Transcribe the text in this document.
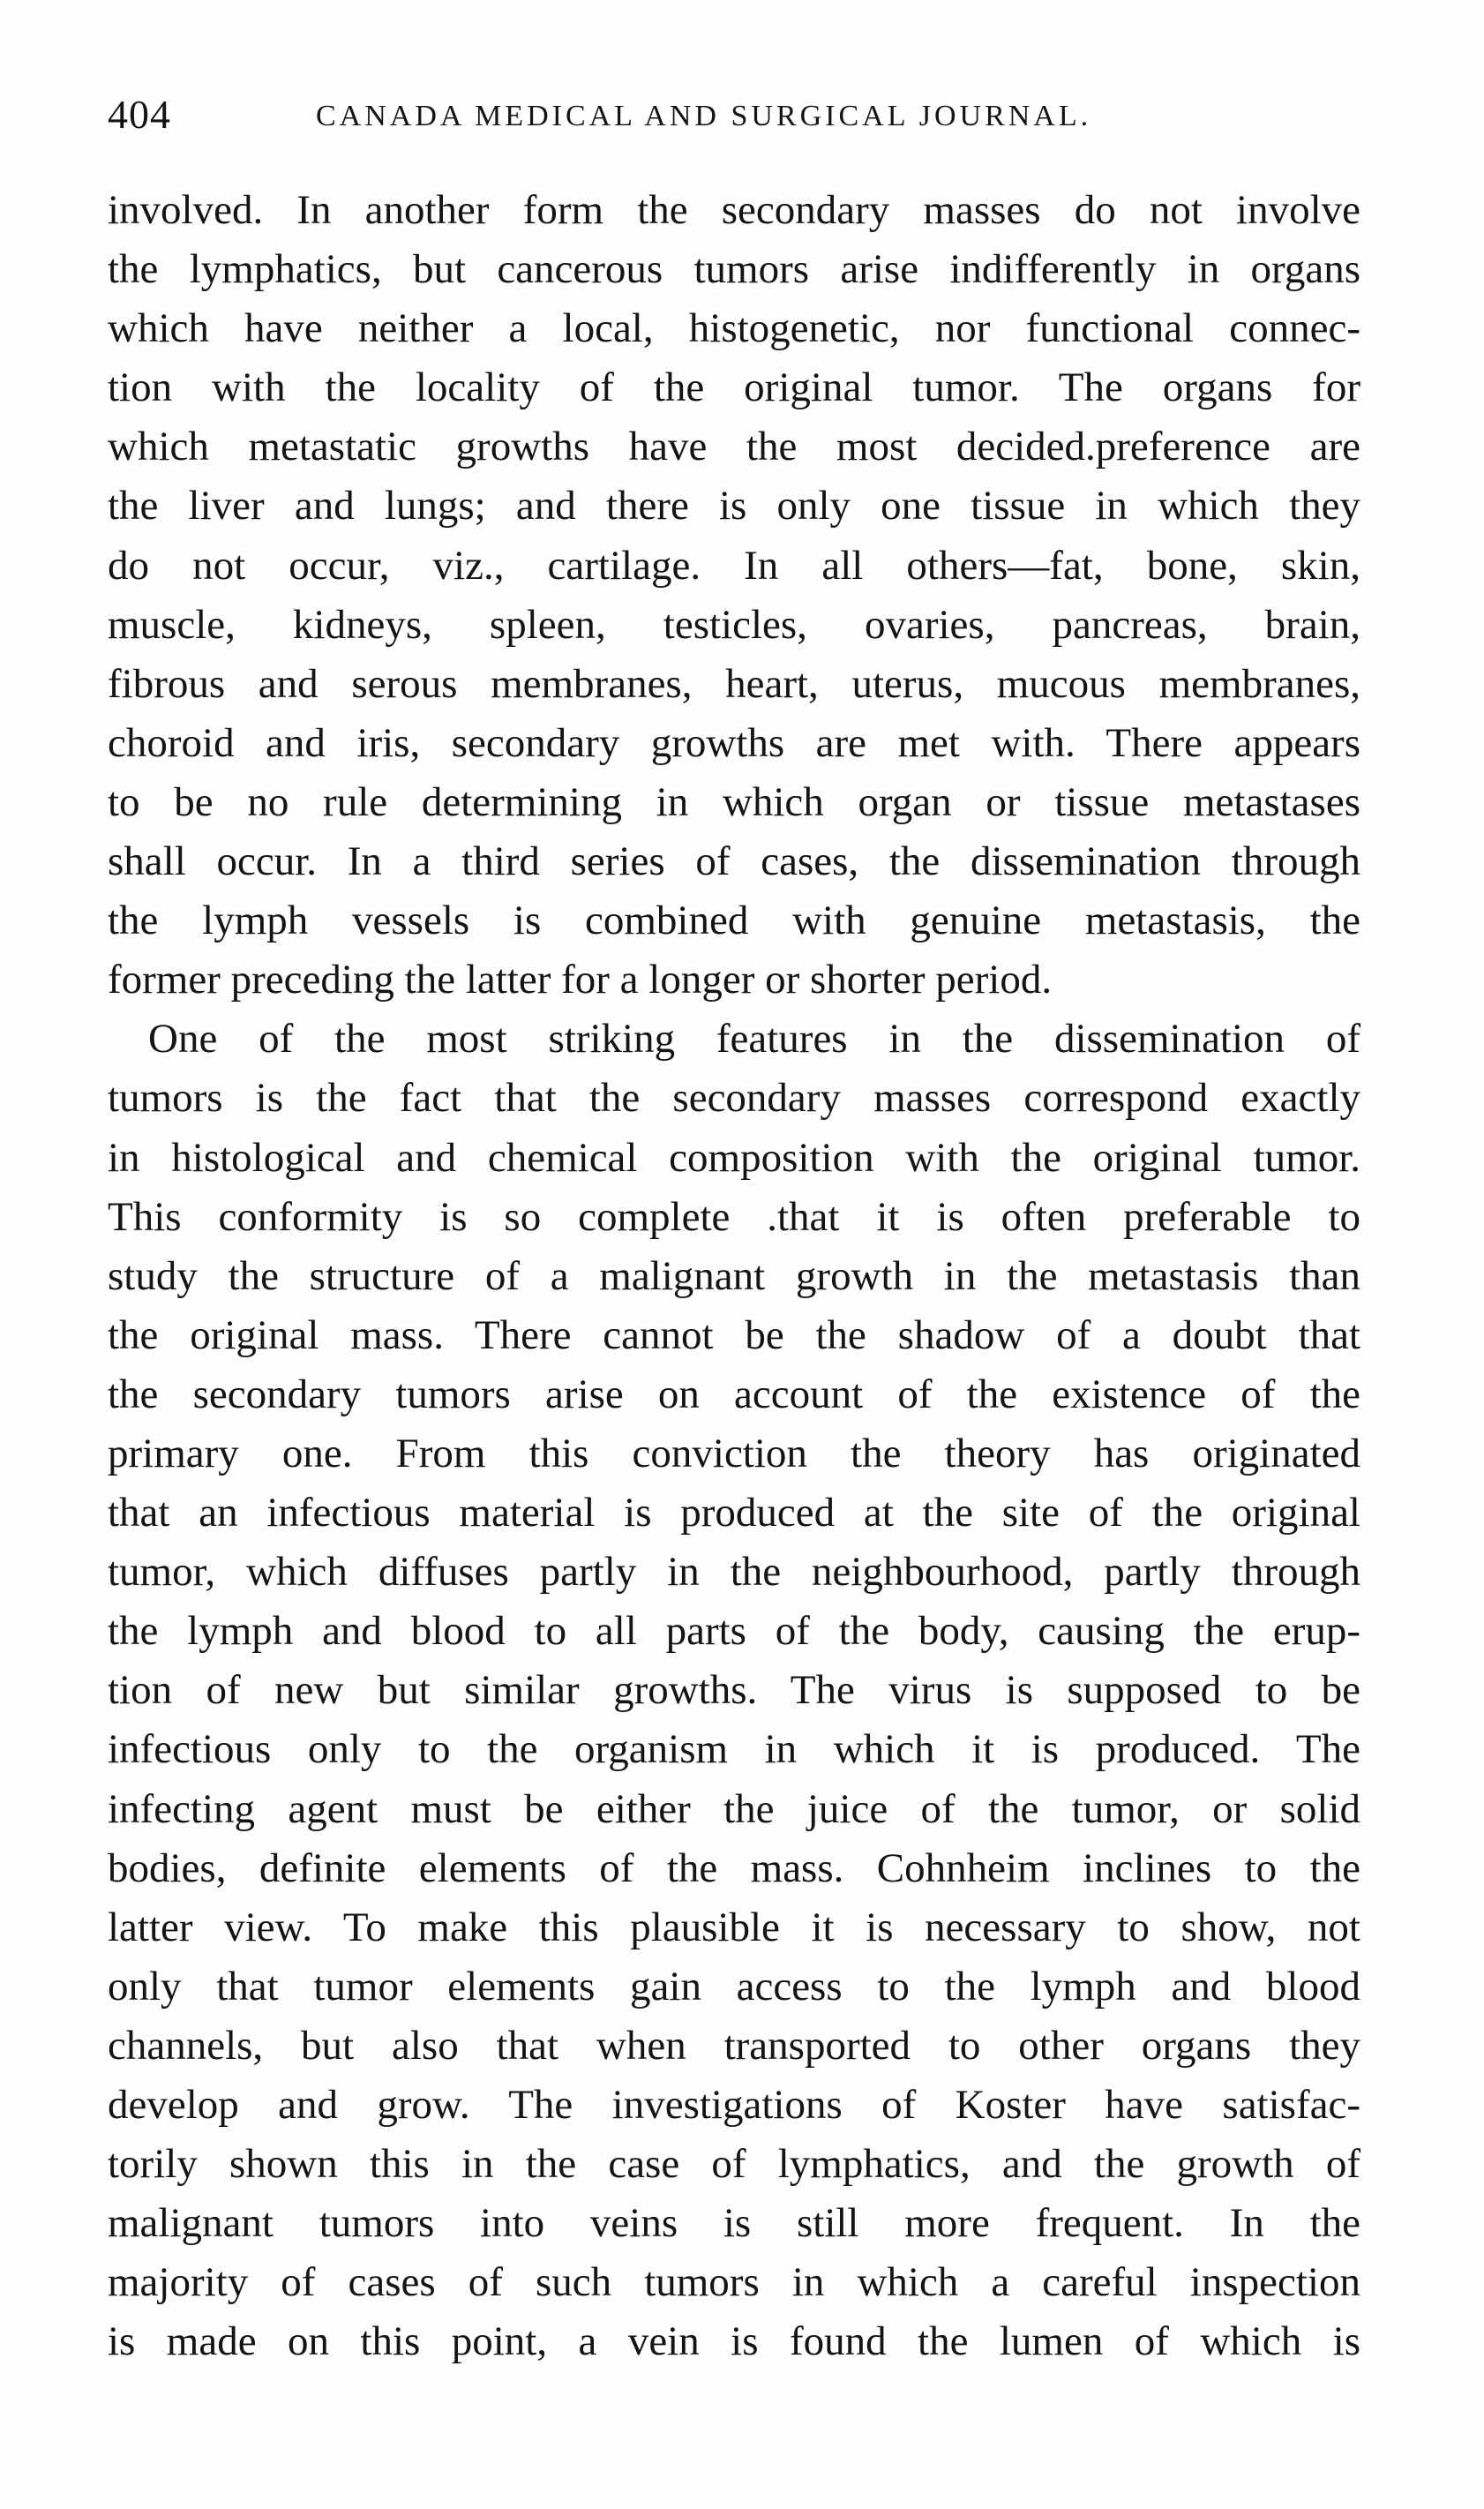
404	CANADA MEDICAL AND SURGICAL JOURNAL.
involved. In another form the secondary masses do not involve
the lymphatics, but cancerous tumors arise indifferently in organs
which have neither a local, histogenetic, nor functional connec-
tion with the locality of the original tumor. The organs for
which metastatic growths have the most decided.preference are
the liver and lungs; and there is only one tissue in which they
do not occur, viz., cartilage. In all others—fat, bone, skin,
muscle, kidneys, spleen, testicles, ovaries, pancreas, brain,
fibrous and serous membranes, heart, uterus, mucous membranes,
choroid and iris, secondary growths are met with. There appears
to be no rule determining in which organ or tissue metastases
shall occur. In a third series of cases, the dissemination through
the lymph vessels is combined with genuine metastasis, the
former preceding the latter for a longer or shorter period.
One of the most striking features in the dissemination of
tumors is the fact that the secondary masses correspond exactly
in histological and chemical composition with the original tumor.
This conformity is so complete .that it is often preferable to
study the structure of a malignant growth in the metastasis than
the original mass. There cannot be the shadow of a doubt that
the secondary tumors arise on account of the existence of the
primary one. From this conviction the theory has originated
that an infectious material is produced at the site of the original
tumor, which diffuses partly in the neighbourhood, partly through
the lymph and blood to all parts of the body, causing the erup-
tion of new but similar growths. The virus is supposed to be
infectious only to the organism in which it is produced. The
infecting agent must be either the juice of the tumor, or solid
bodies, definite elements of the mass. Cohnheim inclines to the
latter view. To make this plausible it is necessary to show, not
only that tumor elements gain access to the lymph and blood
channels, but also that when transported to other organs they
develop and grow. The investigations of Koster have satisfac-
torily shown this in the case of lymphatics, and the growth of
malignant tumors into veins is still more frequent. In the
majority of cases of such tumors in which a careful inspection
is made on this point, a vein is found the lumen of which is
